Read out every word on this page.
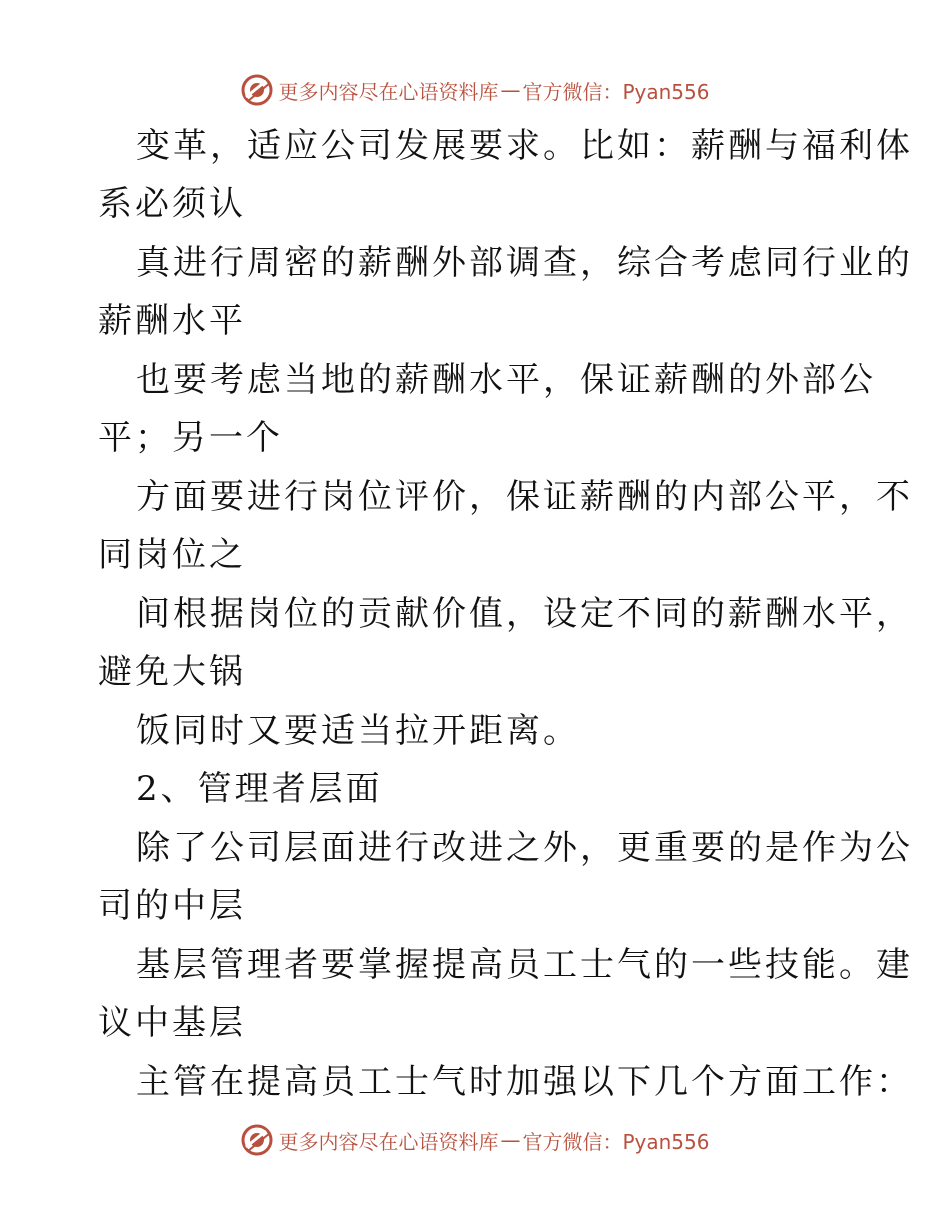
更多内容尽在心语资料库 — 官方微信：Pyan556
变革，适应公司发展要求。比如：薪酬与福利体
系必须认
真进行周密的薪酬外部调查，综合考虑同行业的
薪酬水平
也要考虑当地的薪酬水平，保证薪酬的外部公
平；另一个
方面要进行岗位评价，保证薪酬的内部公平，不
同岗位之
间根据岗位的贡献价值，设定不同的薪酬水平，
避免大锅
饭同时又要适当拉开距离。
2、管理者层面
除了公司层面进行改进之外，更重要的是作为公
司的中层
基层管理者要掌握提高员工士气的一些技能。建
议中基层
主管在提高员工士气时加强以下几个方面工作：
更多内容尽在心语资料库 — 官方微信：Pyan556
